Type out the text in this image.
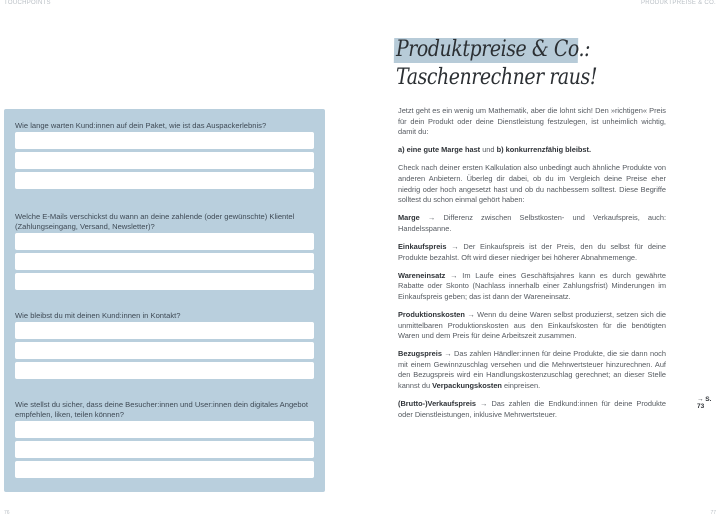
TOUCHPOINTS	PRODUKTPREISE & CO.
Wie lange warten Kund:innen auf dein Paket, wie ist das Auspackerlebnis?
Welche E-Mails verschickst du wann an deine zahlende (oder gewünschte) Klientel (Zahlungseingang, Versand, Newsletter)?
Wie bleibst du mit deinen Kund:innen in Kontakt?
Wie stellst du sicher, dass deine Besucher:innen und User:innen dein digitales Angebot empfehlen, liken, teilen können?
Produktpreise & Co.:
Taschenrechner raus!

Jetzt geht es ein wenig um Mathematik, aber die lohnt sich! Den »richtigen« Preis für dein Produkt oder deine Dienstleistung festzulegen, ist unheimlich wichtig, damit du:

a) eine gute Marge hast und b) konkurrenzfähig bleibst.

Check nach deiner ersten Kalkulation also unbedingt auch ähnliche Produkte von anderen Anbietern. Überleg dir dabei, ob du im Vergleich deine Preise eher niedrig oder hoch angesetzt hast und ob du nachbessern solltest. Diese Begriffe solltest du schon einmal gehört haben:

Marge → Differenz zwischen Selbstkosten- und Verkaufspreis, auch: Handelsspanne.

Einkaufspreis → Der Einkaufspreis ist der Preis, den du selbst für deine Produkte bezahlst. Oft wird dieser niedriger bei höherer Abnahmemenge.

Wareneinsatz → Im Laufe eines Geschäftsjahres kann es durch gewährte Rabatte oder Skonto (Nachlass innerhalb einer Zahlungsfrist) Minderungen im Einkaufspreis geben; das ist dann der Wareneinsatz.

Produktionskosten → Wenn du deine Waren selbst produzierst, setzen sich die unmittelbaren Produktionskosten aus den Einkaufskosten für die benötigten Waren und dem Preis für deine Arbeitszeit zusammen.

Bezugspreis → Das zahlen Händler:innen für deine Produkte, die sie dann noch mit einem Gewinnzuschlag versehen und die Mehrwertsteuer hinzurechnen. Auf den Bezugspreis wird ein Handlungskostenzuschlag gerechnet; an dieser Stelle kannst du Verpackungskosten einpreisen.

(Brutto-)Verkaufspreis → Das zahlen die Endkund:innen für deine Produkte oder Dienstleistungen, inklusive Mehrwertsteuer.

→ S. 73
76	77
